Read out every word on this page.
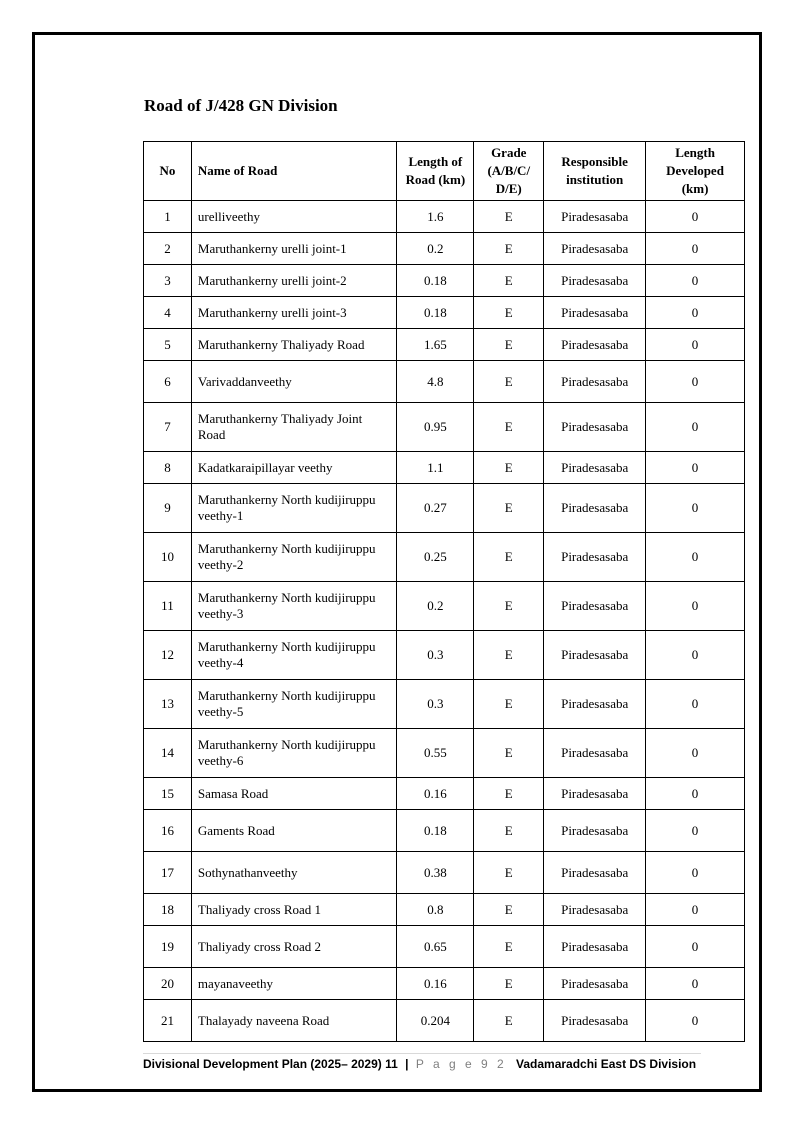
Road of J/428 GN Division
No	Name of Road	Length of Road (km)	Grade (A/B/C/ D/E)	Responsible institution	Length Developed (km)
1	urelliveethy	1.6	E	Piradesasaba	0
2	Maruthankerny urelli joint-1	0.2	E	Piradesasaba	0
3	Maruthankerny urelli joint-2	0.18	E	Piradesasaba	0
4	Maruthankerny urelli joint-3	0.18	E	Piradesasaba	0
5	Maruthankerny Thaliyady Road	1.65	E	Piradesasaba	0
6	Varivaddanveethy	4.8	E	Piradesasaba	0
7	Maruthankerny Thaliyady Joint Road	0.95	E	Piradesasaba	0
8	Kadatkaraipillayar veethy	1.1	E	Piradesasaba	0
9	Maruthankerny North kudijiruppu veethy-1	0.27	E	Piradesasaba	0
10	Maruthankerny North kudijiruppu veethy-2	0.25	E	Piradesasaba	0
11	Maruthankerny North kudijiruppu veethy-3	0.2	E	Piradesasaba	0
12	Maruthankerny North kudijiruppu veethy-4	0.3	E	Piradesasaba	0
13	Maruthankerny North kudijiruppu veethy-5	0.3	E	Piradesasaba	0
14	Maruthankerny North kudijiruppu veethy-6	0.55	E	Piradesasaba	0
15	Samasa Road	0.16	E	Piradesasaba	0
16	Gaments Road	0.18	E	Piradesasaba	0
17	Sothynathanveethy	0.38	E	Piradesasaba	0
18	Thaliyady cross Road 1	0.8	E	Piradesasaba	0
19	Thaliyady cross Road 2	0.65	E	Piradesasaba	0
20	mayanaveethy	0.16	E	Piradesasaba	0
21	Thalayady naveena Road	0.204	E	Piradesasaba	0
Divisional Development Plan (2025– 2029) 11 | P a g e 9 2 Vadamaradchi East DS Division
